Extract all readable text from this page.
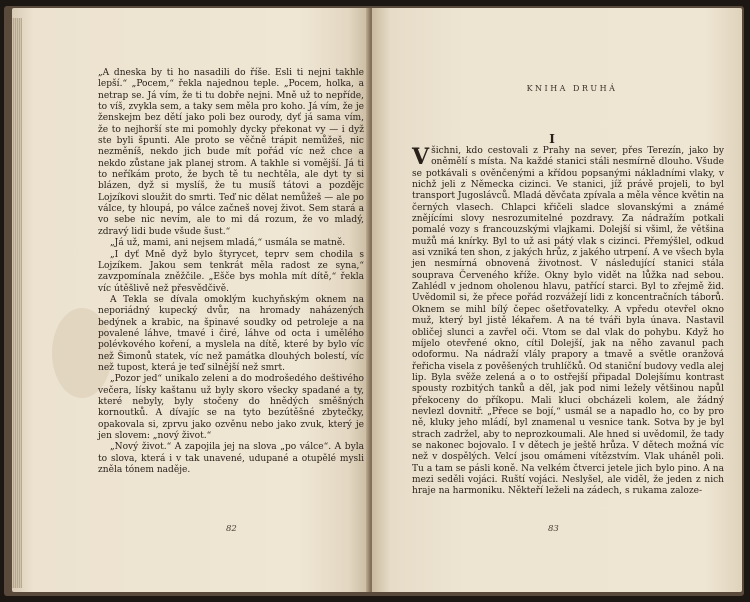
„A dneska by ti ho nasadili do říše. Esli ti nejni takhle lepší.“ „Pocem,“ řekla najednou teple. „Pocem, holka, a netrap se. Já vím, že ti tu dobře nejni. Mně už to nepříde, to víš, zvykla sem, a taky sem měla pro koho. Já vím, že je ženskejm bez dětí jako poli bez ourody, dyť já sama vím, že to nejhorší ste mi pomohly dycky překonat vy — i dyž ste byli špunti. Ale proto se věčně trápit nemůžeš, nic nezměníš, nekdo jich bude mít pořád víc než chce a nekdo zůstane jak planej strom. A takhle si vomější. Já ti to neříkám proto, že bych tě tu nechtěla, ale dyt ty si blázen, dyž si myslíš, že tu musíš tátovi a pozdějc Lojzíkovi sloužit do smrti. Teď nic dělat nemůžeš — ale po válce, ty hloupá, po válce začneš novej život. Sem stará a vo sebe nic nevím, ale to mi dá rozum, že vo mladý, zdravý lidi bude všude šust.“

„Já už, mami, ani nejsem mladá,“ usmála se matně.

„I dyť Mně dyž bylo štyrycet, teprv sem chodila s Lojzíkem. Jakou sem tenkrát měla radost ze syna,“ zavzpomínala zněžčile. „Ešče bys mohla mít dítě,“ řekla víc útěšlivě než přesvědčivě.

A Tekla se dívala omoklým kuchyňským oknem na neporiádný kupecký dvůr, na hromady naházených bedýnek a krabic, na špinavé soudky od petroleje a na povalené láhve, tmavé i čiré, láhve od octa i umělého polévkového koření, a myslela na dítě, které by bylo víc než Šimonů statek, víc než památka dlouhých bolestí, víc než tupost, která je teď silnější než smrt.

„Pozor jed“ unikalo zeleni a do modrošedého deštivého večera, lísky kaštanu už byly skoro všecky spadané a ty, které nebyly, byly stočeny do hnědých směšných kornoutků. A dívajíc se na tyto bezútěšné zbytečky, opakovala si, zprvu jako ozvěnu nebo jako zvuk, který je jen slovem: „nový život.“

„Nový život.“ A zapojila jej na slova „po válce“. A byla to slova, která i v tak unavené, udupané a otupělé mysli zněla tónem naděje.

82
KNIHA DRUHÁ
I

Všichni, kdo cestovali z Prahy na sever, přes Terezín, jako by oněmělí s místa. Na každé stanici stáli nesmírně dlouho. Všude se potkávali s ověnčenými a křídou popsanými nákladními vlaky, v nichž jeli z Německa cizinci. Ve stanici, jíž právě projeli, to byl transport Jugoslávců. Mladá děvčata zpívala a měla věnce květin na černých vlasech. Chlapci křičeli sladce slovanskými a známé znějícími slovy nesrozumitelné pozdravy. Za nádražím potkali pomalé vozy s francouzskými vlajkami. Dolejší si všiml, že většina mužů má knírky. Byl to už asi pátý vlak s cizinci. Přemýšlel, odkud asi vzniká ten shon, z jakých hrůz, z jakého utrpení. A ve všech byla jen nesmírná obnovená životnost. V následující stanici stála souprava Červeného kříže. Okny bylo vidět na lůžka nad sebou. Zahlédl v jednom oholenou hlavu, patřící starci. Byl to zřejmě žid. Uvědomil si, že přece pořád rozvážejí lidi z koncentračních táborů. Oknem se mihl bílý čepec ošetřovatelky. A vpředu otevřel okno muž, který byl jistě lékařem. A na té tváři byla únava. Nastavil obličej slunci a zavřel oči. Vtom se dal vlak do pohybu. Když ho míjelo otevřené okno, cítil Dolejší, jak na něho zavanul pach odoformu. Na nádraží vlály prapory a tmavě a světle oranžová řeřicha visela z pověšených truhlíčků. Od staniční budovy vedla alej lip. Byla svěže zelená a o to ostřejší připadal Dolejšímu kontrast spousty rozbitých tanků a děl, jak pod nimi ležely většinou napůl překoceny do příkopu. Mali kluci obcházeli kolem, ale žádný nevlezl dovnitř. „Přece se bojí,“ usmál se a napadlo ho, co by pro ně, kluky jeho mládí, byl znamenal u vesnice tank. Sotva by je byl strach zadržel, aby to neprozkoumali. Ale hned si uvědomil, že tady se nakonec bojovalo. I v dětech je ještě hrůza. V dětech možná víc než v dospělých. Velcí jsou omámeni vítězstvím. Vlak uháněl poli. Tu a tam se pásli koně. Na velkém čtverci jetele jich bylo pino. A na mezi seděli vojáci. Ruští vojáci. Neslyšel, ale viděl, že jeden z nich hraje na harmoniku. Někteří leželi na zádech, s rukama zaloze-

83
